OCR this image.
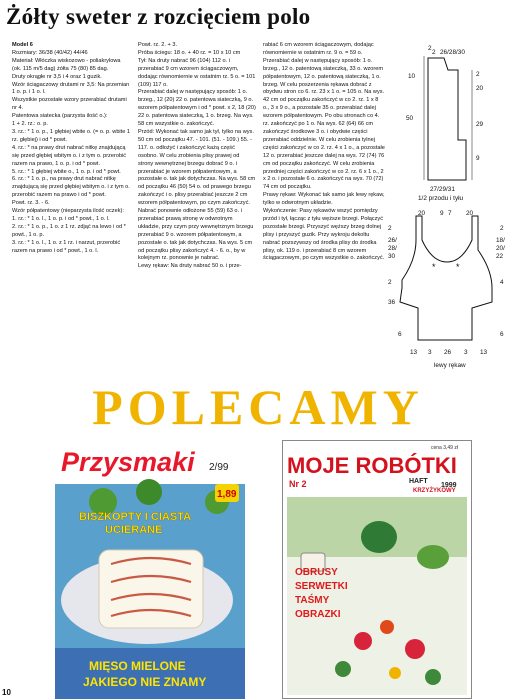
Żółty sweter z rozcięciem polo

Model 6

Rozmiary: 36/38 (40/42) 44/46

Materiał: Włóczka wiskozowo - poliakrylowa (ok. 115 m/5 dag) żółta 75 (80) 85 dag.

Druty okrągłe nr 3,5 i 4 oraz 1 guzik.

Wzór ściągaczowy drutami nr 3,5: Na przemian 1 o. p. i 1 o. l.

Wszystkie pozostałe wzory przerabiać drutami nr 4.

Patentowa siatecka (parzysta ilość o.):

1 + 2. rz.: o. p.

3. rz.: * 1 o. p., 1 głębiej wbite o. (= o. p. wbite 1 rz. głębiej) i od * powt.

4. rz.: * na prawy drut nabrać nitkę znajdującą się przed głębiej wbitym o. i z tym o. przerobić razem na prawo, 1 o. p. i od * powt.

5. rz.: * 1 głębiej wbite o., 1 o. p. i od * powt.

6. rz.: * 1 o. p., na prawy drut nabrać nitkę znajdującą się przed głębiej wbitym o. i z tym o. przerobić razem na prawo i od * powt.

Powt. rz. 3. - 6.

Wzór półpatentowy (nieparzysta ilość oczek):

1. rz.: * 1 o. l., 1 o. p. i od * powt., 1 o. l.

2. rz.: * 1 o. p., 1 o. z 1 rz. zdjąć na lewo i od * powt., 1 o. p.

3. rz.: * 1 o. l., 1 o. z 1 rz. i narzut, przerobić razem na prawo i od * powt., 1 o. l.

Powt. rz. 2. + 3.

Próba ściegu: 18 o. + 40 rz. = 10 x 10 cm

Tył: Na druty nabrać 96 (104) 112 o. i przerabiać 9 cm wzorem ściągaczowym, dodając równomiernie w ostatnim rz. 5 o. = 101 (109) 117 o.

Przerabiać dalej w następujący sposób: 1 o. brzeg., 12 (20) 22 o. patentowa siateczką, 9 o. wzorem półpatentowym i od * powt. x 2, 18 (20) 22 o. patentowa siateczką, 1 o. brzeg. Na wys. 58 cm wszystkie o. zakończyć.

Przód: Wykonać tak samo jak tył, tylko na wys. 50 cm od początku 47. - 101. (51. - 109.) 55. - 117. o. odłożyć i zakończyć każą część osobno. W celu zrobienia plisy prawej od strony wewnętrznej brzegu dobrać 9 o. i przerabiać je wzorem półpatentowym, a pozostałe o. tak jak dotychczas. Na wys. 58 cm od początku 46 (50) 54 o. od prawego brzegu zakończyć i o. plisy przerabiać jeszcze 2 cm wzorem półpatentowym, po czym zakończyć. Nabrać ponownie odłożone 55 (59) 63 o. i przerabiać prawą stronę w odwrotnym układzie, przy czym przy wewnętrznym brzegu przerabiać 9 o. wzorem półpatentowym, a pozostałe o. tak jak dotychczas. Na wys. 5 cm od początku plisy zakończyć 4. - 6. o., by w kolejnym rz. ponownie je nabrać.

Lewy rękaw: Na druty nabrać 50 o. i prze-

rabiać 6 cm wzorem ściągaczowym, dodając równomiernie w ostatnim rz. 9 o. = 59 o.

Przerabiać dalej w następujący sposób: 1 o. brzeg., 12 o. patentową siateczką, 33 o. wzorem półpatentowym, 12 o. patentową siateczką, 1 o. brzeg. W celu poszerzenia rękawa dobrać z obydwu stron co 6. rz. 23 x 1 o. = 105 o. Na wys. 42 cm od początku zakończyć w co 2. rz. 1 x 8 o., 3 x 9 o., a pozostałe 35 o. przerabiać dalej wzorem półpatentowym. Po obu stronach co 4. rz. zakończyć po 1 o. Na wys. 62 (64) 66 cm zakończyć środkowe 3 o. i obydwie części przerabiać oddzielnie. W celu zrobienia tylnej części zakończyć w co 2. rz. 4 x 1 o., a pozostałe 12 o. przerabiać jeszcze dalej na wys. 72 (74) 76 cm od początku zakończyć. W celu zrobienia przedniej części zakończyć w co 2. rz. 6 x 1 o., 2 x 2 o. i pozostałe 6 o. zakończyć na wys. 70 (72) 74 cm od początku.

Prawy rękaw: Wykonać tak samo jak lewy rękaw, tylko w odwrotnym układzie.

Wykończenie: Pasy rękawów wszyć pomiędzy przód i tył, łącząc z tyłu węższe brzegi. Połączyć pozostałe brzegi. Przyszyć węższy brzeg dolnej plisy i przyszyć guzik. Przy wykroju dekoltu nabrać pozszywszy od środka plisy do środka plisy, ok. 119 o. i przerabiać 8 cm wzorem ściągaczowym, po czym wszystkie o. zakończyć.

2
2 26/28/30
2
20
29
9
10
50
27/29/31
1/2 przodu i tyłu
* *
20 9 7 20
2
26/
28/
30
2
36
6
2
18/
20/
22
4
6
13 3 26 3 13
lewy rękaw
POLECAMY
Przysmaki 2/99
1,89
BISZKOPTY I CIASTA
UCIERANE
MIĘSO MIELONE
JAKIEGO NIE ZNAMY
cena 3,49 zł
MOJE ROBÓTKI
Nr 2	HAFT
1999
KRZYŻYKOWY
OBRUSY
SERWETKI
TAŚMY
OBRAZKI
10
